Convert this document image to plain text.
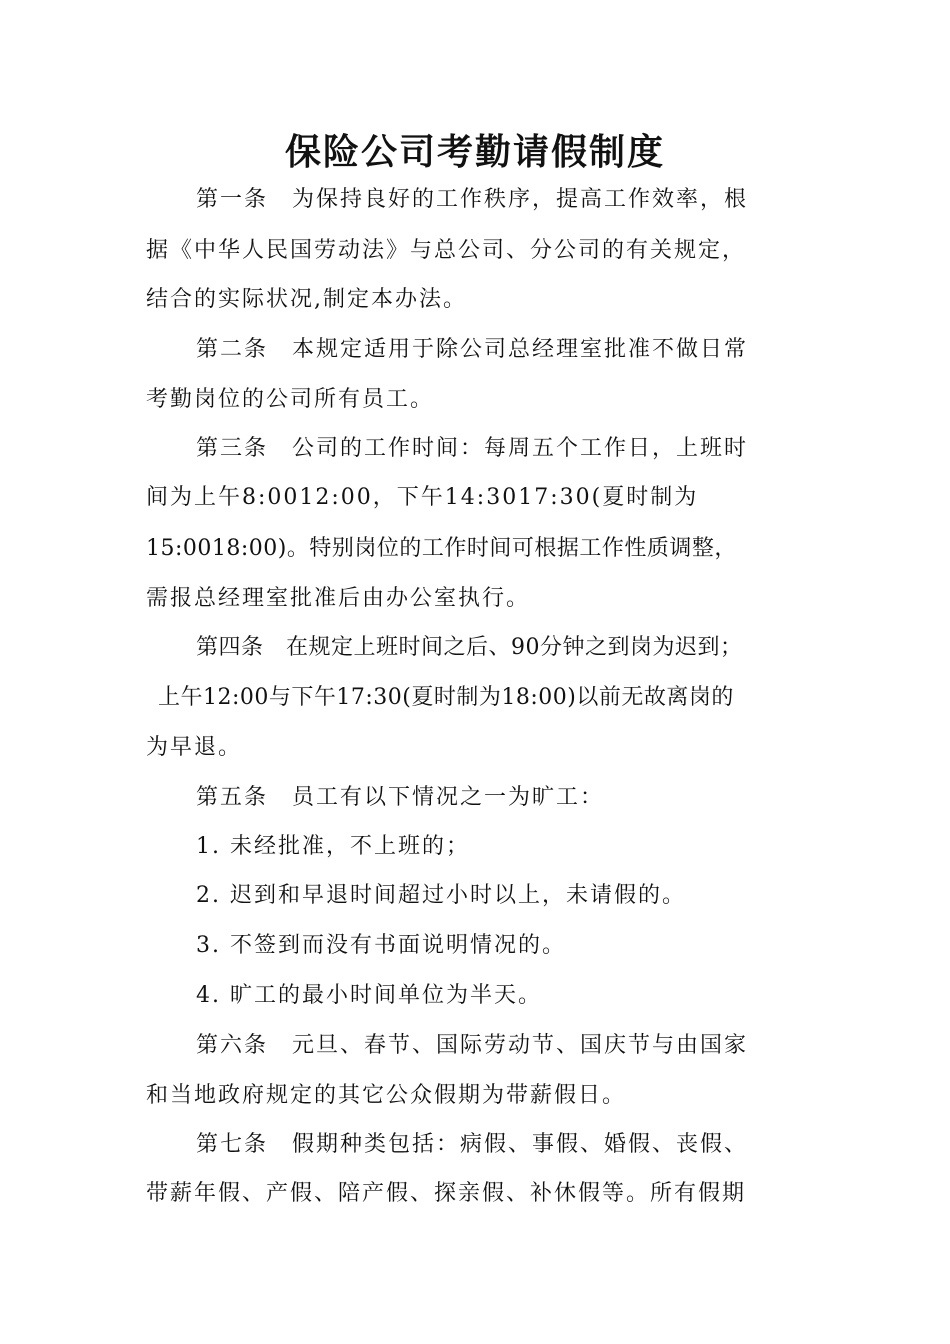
保险公司考勤请假制度

第一条　为保持良好的工作秩序，提高工作效率，根

据《中华人民国劳动法》与总公司、分公司的有关规定，

结合的实际状况,制定本办法。

第二条　本规定适用于除公司总经理室批准不做日常

考勤岗位的公司所有员工。

第三条　公司的工作时间：每周五个工作日，上班时

间为上午8:0012:00，下午14:3017:30(夏时制为

15:0018:00)。特别岗位的工作时间可根据工作性质调整，

需报总经理室批准后由办公室执行。

第四条　在规定上班时间之后、90分钟之到岗为迟到；

上午12:00与下午17:30(夏时制为18:00)以前无故离岗的

为早退。

第五条　员工有以下情况之一为旷工：

1. 未经批准，不上班的；

2. 迟到和早退时间超过小时以上，未请假的。

3. 不签到而没有书面说明情况的。

4. 旷工的最小时间单位为半天。

第六条　元旦、春节、国际劳动节、国庆节与由国家

和当地政府规定的其它公众假期为带薪假日。

第七条　假期种类包括：病假、事假、婚假、丧假、

带薪年假、产假、陪产假、探亲假、补休假等。所有假期
